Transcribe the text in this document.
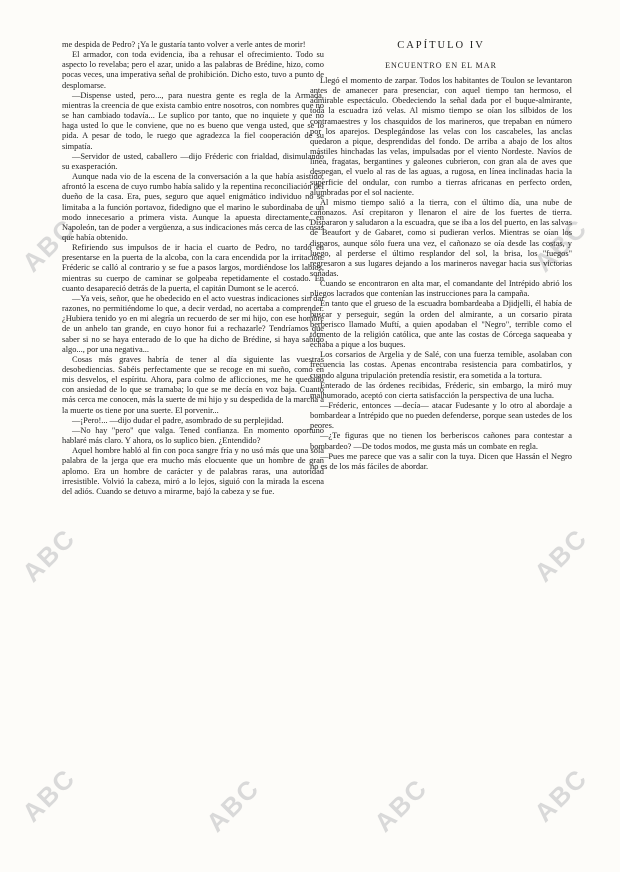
ABC
ABC
ABC	ABC	ABC
ABC
ABC
ABC

me despida de Pedro? ¡Ya le gustaría tanto volver a verle antes de morir!

El armador, con toda evidencia, iba a rehusar el ofrecimiento. Todo su aspecto lo revelaba; pero el azar, unido a las palabras de Brédine, hizo, como pocas veces, una imperativa señal de prohibición. Dicho esto, tuvo a punto de desplomarse.

—Dispense usted, pero..., para nuestra gente es regla de la Armada, mientras la creencia de que exista cambio entre nosotros, con nombres que no se han cambiado todavía... Le suplico por tanto, que no inquiete y que no haga usted lo que le conviene, que no es bueno que venga usted, que se lo pida. A pesar de todo, le ruego que agradezca la fiel cooperación de su simpatía.

—Servidor de usted, caballero —dijo Fréderic con frialdad, disimulando su exasperación.

Aunque nada vio de la escena de la conversación a la que había asistido, afrontó la escena de cuyo rumbo había salido y la repentina reconciliación del dueño de la casa. Era, pues, seguro que aquel enigmático individuo no se limitaba a la función portavoz, fidedigno que el marino le subordinaba de un modo innecesario a primera vista. Aunque la apuesta directamente, en Napoleón, tan de poder a vergüenza, a sus indicaciones más cerca de las cosas que había obtenido.

Refiriendo sus impulsos de ir hacia el cuarto de Pedro, no tardó en presentarse en la puerta de la alcoba, con la cara encendida por la irritación. Fréderic se calló al contrario y se fue a pasos largos, mordiéndose los labios, mientras su cuerpo de caminar se golpeaba repetidamente el costado. En cuanto desapareció detrás de la puerta, el capitán Dumont se le acercó.

—Ya veis, señor, que he obedecido en el acto vuestras indicaciones sin dar razones, no permitiéndome lo que, a decir verdad, no acertaba a comprender. ¿Hubiera tenido yo en mi alegría un recuerdo de ser mi hijo, con ese hombre de un anhelo tan grande, en cuyo honor fui a rechazarle? Tendríamos que saber si no se haya enterado de lo que ha dicho de Brédine, si haya sabido algo..., por una negativa...

Cosas más graves habría de tener al día siguiente las vuestras desobediencias. Sabéis perfectamente que se recoge en mi sueño, como en mis desvelos, el espíritu. Ahora, para colmo de aflicciones, me he quedado con ansiedad de lo que se tramaba; lo que se me decía en voz baja. Cuanto más cerca me conocen, más la suerte de mi hijo y su despedida de la marcha a la muerte os tiene por una suerte. El porvenir...

—¡Pero!... —dijo dudar el padre, asombrado de su perplejidad.

—No hay "pero" que valga. Tened confianza. En momento oportuno hablaré más claro. Y ahora, os lo suplico bien. ¿Entendido?

Aquel hombre habló al fin con poca sangre fría y no usó más que una sola palabra de la jerga que era mucho más elocuente que un hombre de gran aplomo. Era un hombre de carácter y de palabras raras, una autoridad irresistible. Volvió la cabeza, miró a lo lejos, siguió con la mirada la escena del adiós. Cuando se detuvo a mirarme, bajó la cabeza y se fue.

CAPÍTULO IV
ENCUENTRO EN EL MAR

Llegó el momento de zarpar. Todos los habitantes de Toulon se levantaron antes de amanecer para presenciar, con aquel tiempo tan hermoso, el admirable espectáculo. Obedeciendo la señal dada por el buque-almirante, toda la escuadra izó velas. Al mismo tiempo se oían los silbidos de los contramaestres y los chasquidos de los marineros, que trepaban en número por los aparejos. Desplegándose las velas con los cascabeles, las anclas quedaron a pique, desprendidas del fondo. De arriba a abajo de los altos mástiles hinchadas las velas, impulsadas por el viento Nordeste. Navíos de línea, fragatas, bergantines y galeones cubrieron, con gran ala de aves que despegan, el vuelo al ras de las aguas, a rugosa, en línea inclinadas hacia la superficie del ondular, con rumbo a tierras africanas en perfecto orden, alumbradas por el sol naciente.

Al mismo tiempo salió a la tierra, con el último día, una nube de cañonazos. Así crepitaron y llenaron el aire de los fuertes de tierra. Dispararon y saludaron a la escuadra, que se iba a los del puerto, en las salvas de Beaufort y de Gabaret, como si pudieran verlos. Mientras se oían los disparos, aunque sólo fuera una vez, el cañonazo se oía desde las costas, y luego, al perderse el último resplandor del sol, la brisa, los "fuegos" regresaron a sus lugares dejando a los marineros navegar hacia sus victorias soñadas.

Cuando se encontraron en alta mar, el comandante del Intrépido abrió los pliegos lacrados que contenían las instrucciones para la campaña.

En tanto que el grueso de la escuadra bombardeaba a Djidjelli, él había de buscar y perseguir, según la orden del almirante, a un corsario pirata berberisco llamado Muftí, a quien apodaban el "Negro", terrible como el tormento de la religión católica, que ante las costas de Córcega saqueaba y echaba a pique a los buques.

Los corsarios de Argelia y de Salé, con una fuerza temible, asolaban con frecuencia las costas. Apenas encontraba resistencia para combatirlos, y cuando alguna tripulación pretendía resistir, era sometida a la tortura.

Enterado de las órdenes recibidas, Fréderic, sin embargo, la miró muy malhumorado, aceptó con cierta satisfacción la perspectiva de una lucha.

—Fréderic, entonces —decía— atacar Fudesante y lo otro al abordaje a bombardear a Intrépido que no pueden defenderse, porque sean ustedes de los peores.

—¿Te figuras que no tienen los berberiscos cañones para contestar a bombardeo? —De todos modos, me gusta más un combate en regla.

—Pues me parece que vas a salir con la tuya. Dicen que Hassán el Negro no es de los más fáciles de abordar.
